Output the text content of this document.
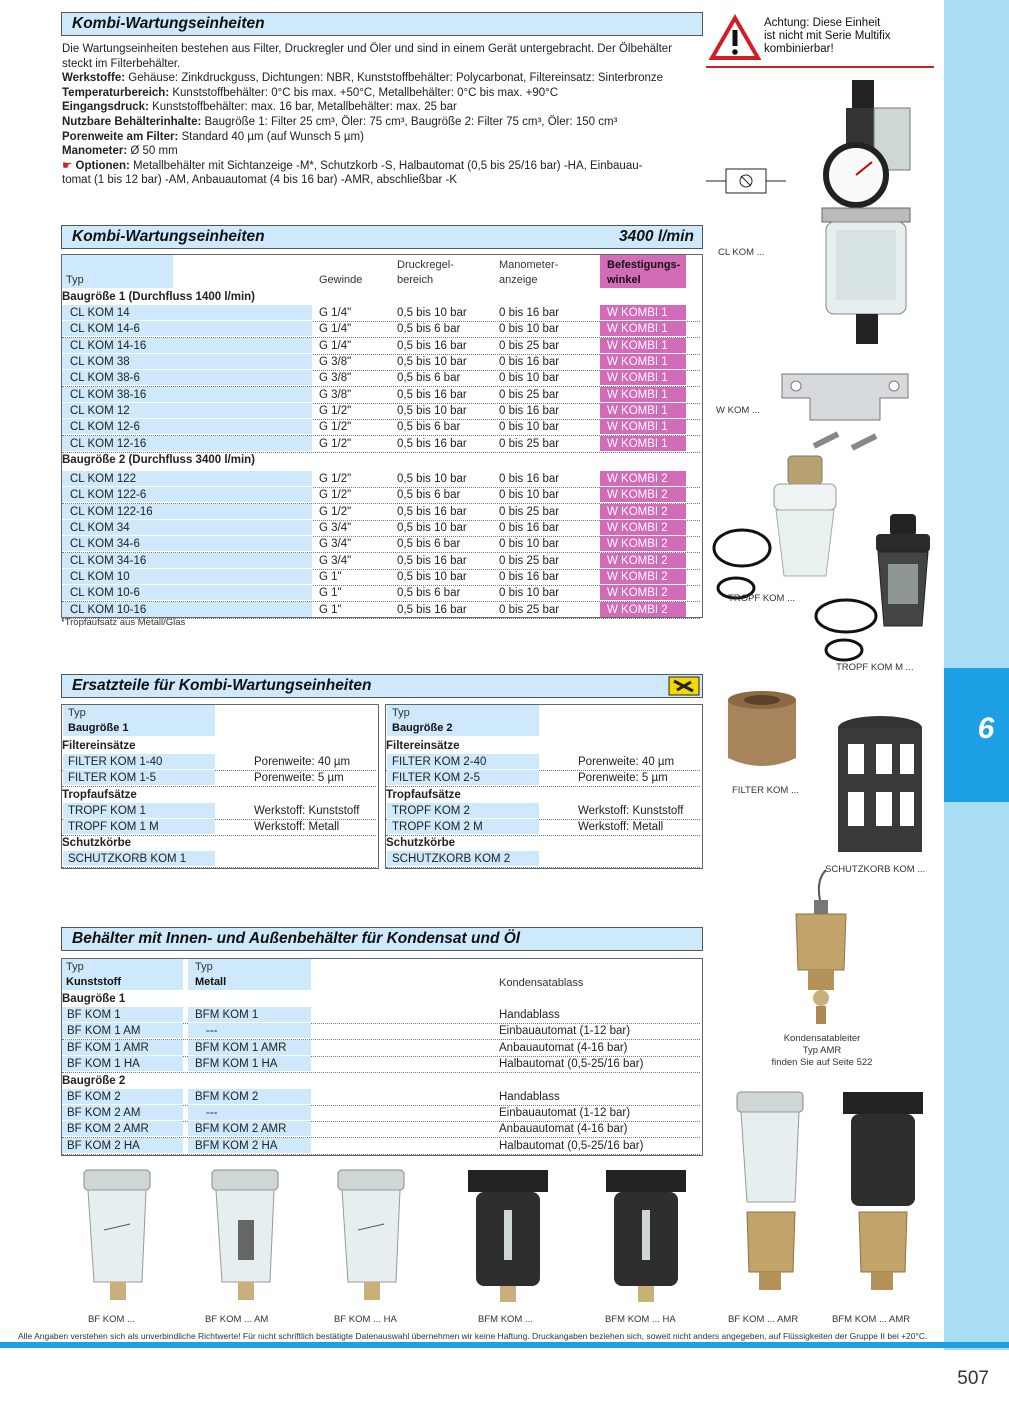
6
Achtung: Diese Einheit
ist nicht mit Serie Multifix
kombinierbar!
Kombi-Wartungseinheiten
Die Wartungseinheiten bestehen aus Filter, Druckregler und Öler und sind in einem Gerät untergebracht. Der Ölbehälter
steckt im Filterbehälter.
Werkstoffe: Gehäuse: Zinkdruckguss, Dichtungen: NBR, Kunststoffbehälter: Polycarbonat, Filtereinsatz: Sinterbronze
Temperaturbereich: Kunststoffbehälter: 0°C bis max. +50°C, Metallbehälter: 0°C bis max. +90°C
Eingangsdruck: Kunststoffbehälter: max. 16 bar, Metallbehälter: max. 25 bar
Nutzbare Behälterinhalte: Baugröße 1: Filter 25 cm³, Öler: 75 cm³, Baugröße 2: Filter 75 cm³, Öler: 150 cm³
Porenweite am Filter: Standard 40 µm (auf Wunsch 5 µm)
Manometer: Ø 50 mm
☛ Optionen: Metallbehälter mit Sichtanzeige -M*, Schutzkorb -S, Halbautomat (0,5 bis 25/16 bar) -HA, Einbauau-
tomat (1 bis 12 bar) -AM, Anbauautomat (4 bis 16 bar) -AMR, abschließbar -K
Kombi-Wartungseinheiten	3400 l/min
Typ	Gewinde
Druckregel-
bereich
Manometer-
anzeige
Befestigungs-
winkel
Baugröße 1 (Durchfluss 1400 l/min)
CL KOM 14	G 1/4"	0,5 bis 10 bar	0 bis 16 bar	W KOMBI 1
CL KOM 14-6	G 1/4"	0,5 bis 6 bar	0 bis 10 bar	W KOMBI 1
CL KOM 14-16	G 1/4"	0,5 bis 16 bar	0 bis 25 bar	W KOMBI 1
CL KOM 38	G 3/8"	0,5 bis 10 bar	0 bis 16 bar	W KOMBI 1
CL KOM 38-6	G 3/8"	0,5 bis 6 bar	0 bis 10 bar	W KOMBI 1
CL KOM 38-16	G 3/8"	0,5 bis 16 bar	0 bis 25 bar	W KOMBI 1
CL KOM 12	G 1/2"	0,5 bis 10 bar	0 bis 16 bar	W KOMBI 1
CL KOM 12-6	G 1/2"	0,5 bis 6 bar	0 bis 10 bar	W KOMBI 1
CL KOM 12-16	G 1/2"	0,5 bis 16 bar	0 bis 25 bar	W KOMBI 1
Baugröße 2 (Durchfluss 3400 l/min)
CL KOM 122	G 1/2"	0,5 bis 10 bar	0 bis 16 bar	W KOMBI 2
CL KOM 122-6	G 1/2"	0,5 bis 6 bar	0 bis 10 bar	W KOMBI 2
CL KOM 122-16	G 1/2"	0,5 bis 16 bar	0 bis 25 bar	W KOMBI 2
CL KOM 34	G 3/4"	0,5 bis 10 bar	0 bis 16 bar	W KOMBI 2
CL KOM 34-6	G 3/4"	0,5 bis 6 bar	0 bis 10 bar	W KOMBI 2
CL KOM 34-16	G 3/4"	0,5 bis 16 bar	0 bis 25 bar	W KOMBI 2
CL KOM 10	G 1"	0,5 bis 10 bar	0 bis 16 bar	W KOMBI 2
CL KOM 10-6	G 1"	0,5 bis 6 bar	0 bis 10 bar	W KOMBI 2
CL KOM 10-16	G 1"	0,5 bis 16 bar	0 bis 25 bar	W KOMBI 2
Ersatzteile für Kombi-Wartungseinheiten
Typ
Baugröße 1
Filtereinsätze
FILTER KOM 1-40	Porenweite: 40 µm
FILTER KOM 1-5	Porenweite: 5 µm
Tropfaufsätze
TROPF KOM 1	Werkstoff: Kunststoff
TROPF KOM 1 M	Werkstoff: Metall
Schutzkörbe
SCHUTZKORB KOM 1
Typ
Baugröße 2
Filtereinsätze
FILTER KOM 2-40	Porenweite: 40 µm
FILTER KOM 2-5	Porenweite: 5 µm
Tropfaufsätze
TROPF KOM 2	Werkstoff: Kunststoff
TROPF KOM 2 M	Werkstoff: Metall
Schutzkörbe
SCHUTZKORB KOM 2
Behälter mit Innen- und Außenbehälter für Kondensat und Öl
Typ
Kunststoff
Typ
Metall	Kondensatablass
Baugröße 1
BF KOM 1	BFM KOM 1	Handablass
BF KOM 1 AM	---	Einbauautomat (1-12 bar)
BF KOM 1 AMR	BFM KOM 1 AMR	Anbauautomat (4-16 bar)
BF KOM 1 HA	BFM KOM 1 HA	Halbautomat (0,5-25/16 bar)
Baugröße 2
BF KOM 2	BFM KOM 2	Handablass
BF KOM 2 AM	---	Einbauautomat (1-12 bar)
BF KOM 2 AMR	BFM KOM 2 AMR	Anbauautomat (4-16 bar)
BF KOM 2 HA	BFM KOM 2 HA	Halbautomat (0,5-25/16 bar)
CL KOM ...
W KOM ...
TROPF KOM ...
TROPF KOM M ...
FILTER KOM ...
SCHUTZKORB KOM ...
Kondensatableiter
Typ AMR
finden Sie auf Seite 522
BF KOM ...	BF KOM ... AM	BF KOM ... HA	BFM KOM ...	BFM KOM ... HA	BF KOM ... AMR	BFM KOM ... AMR
Alle Angaben verstehen sich als unverbindliche Richtwerte! Für nicht schriftlich bestätigte Datenauswahl übernehmen wir keine Haftung. Druckangaben beziehen sich, soweit nicht anders angegeben, auf Flüssigkeiten der Gruppe II bei +20°C.
507
*Tropfaufsatz aus Metall/Glas
